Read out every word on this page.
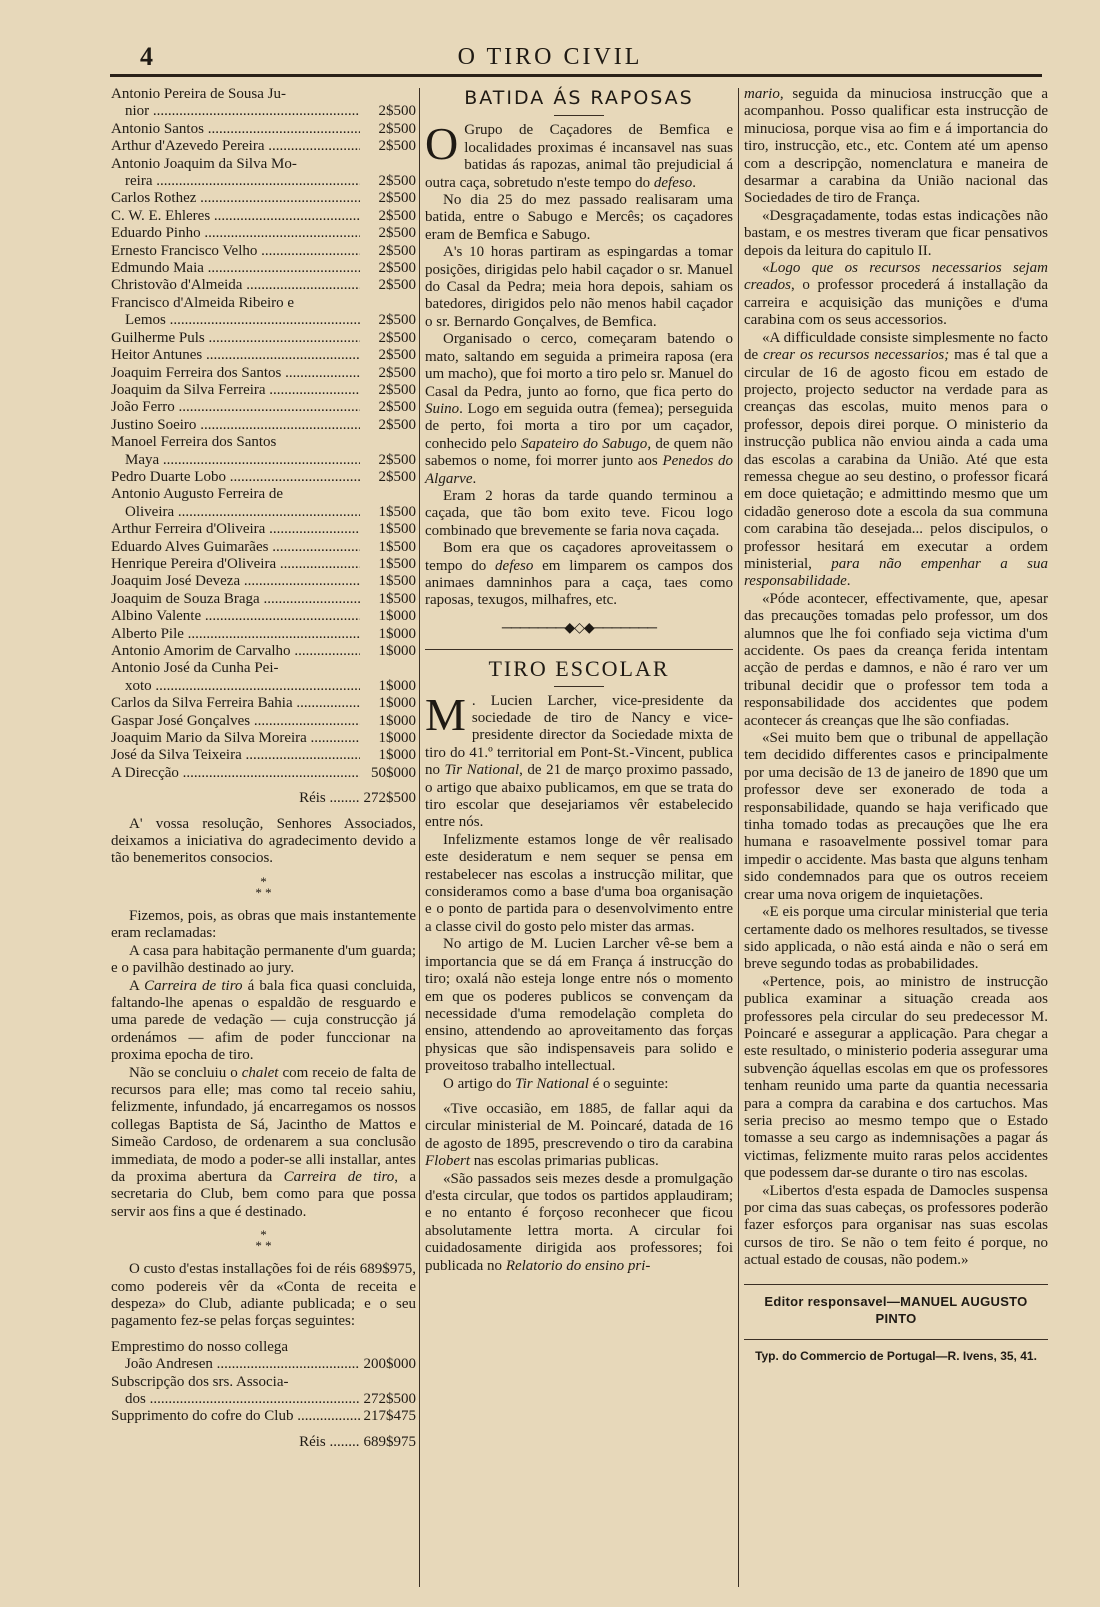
4	O TIRO CIVIL
Antonio Pereira de Sousa Ju-
nior .....	2$500
Antonio Santos .....	2$500
Arthur d'Azevedo Pereira .....	2$500
Antonio Joaquim da Silva Mo-
reira .....	2$500
Carlos Rothez .....	2$500
C. W. E. Ehleres .....	2$500
Eduardo Pinho .....	2$500
Ernesto Francisco Velho .....	2$500
Edmundo Maia .....	2$500
Christovão d'Almeida .....	2$500
Francisco d'Almeida Ribeiro e
Lemos .....	2$500
Guilherme Puls .....	2$500
Heitor Antunes .....	2$500
Joaquim Ferreira dos Santos .....	2$500
Joaquim da Silva Ferreira .....	2$500
João Ferro .....	2$500
Justino Soeiro .....	2$500
Manoel Ferreira dos Santos
Maya .....	2$500
Pedro Duarte Lobo .....	2$500
Antonio Augusto Ferreira de
Oliveira .....	1$500
Arthur Ferreira d'Oliveira .....	1$500
Eduardo Alves Guimarães .....	1$500
Henrique Pereira d'Oliveira .....	1$500
Joaquim José Deveza .....	1$500
Joaquim de Souza Braga .....	1$500
Albino Valente .....	1$000
Alberto Pile .....	1$000
Antonio Amorim de Carvalho .....	1$000
Antonio José da Cunha Pei-
xoto .....	1$000
Carlos da Silva Ferreira Bahia .....	1$000
Gaspar José Gonçalves .....	1$000
Joaquim Mario da Silva Moreira .....	1$000
José da Silva Teixeira .....	1$000
A Direcção .....	50$000
Réis .....	272$500

A' vossa resolução, Senhores Associados, deixamos a iniciativa do agradecimento devido a tão benemeritos consocios.

*
* *

Fizemos, pois, as obras que mais instantemente eram reclamadas:

A casa para habitação permanente d'um guarda; e o pavilhão destinado ao jury.

A Carreira de tiro á bala fica quasi concluida, faltando-lhe apenas o espaldão de resguardo e uma parede de vedação — cuja construcção já ordenámos — afim de poder funccionar na proxima epocha de tiro.

Não se concluiu o chalet com receio de falta de recursos para elle; mas como tal receio sahiu, felizmente, infundado, já encarregamos os nossos collegas Baptista de Sá, Jacintho de Mattos e Simeão Cardoso, de ordenarem a sua conclusão immediata, de modo a poder-se alli installar, antes da proxima abertura da Carreira de tiro, a secretaria do Club, bem como para que possa servir aos fins a que é destinado.

*
* *

O custo d'estas installações foi de réis 689$975, como podereis vêr da «Conta de receita e despeza» do Club, adiante publicada; e o seu pagamento fez-se pelas forças seguintes:

Emprestimo do nosso collega
João Andresen .....	200$000
Subscripção dos srs. Associa-
dos .....	272$500
Supprimento do cofre do Club .....	217$475
Réis .....	689$975
BATIDA ÁS RAPOSAS

O Grupo de Caçadores de Bemfica e localidades proximas é incansavel nas suas batidas ás rapozas, animal tão prejudicial á outra caça, sobretudo n'este tempo do defeso.

No dia 25 do mez passado realisaram uma batida, entre o Sabugo e Mercês; os caçadores eram de Bemfica e Sabugo.

A's 10 horas partiram as espingardas a tomar posições, dirigidas pelo habil caçador o sr. Manuel do Casal da Pedra; meia hora depois, sahiam os batedores, dirigidos pelo não menos habil caçador o sr. Bernardo Gonçalves, de Bemfica.

Organisado o cerco, começaram batendo o mato, saltando em seguida a primeira raposa (era um macho), que foi morto a tiro pelo sr. Manuel do Casal da Pedra, junto ao forno, que fica perto do Suino. Logo em seguida outra (femea); perseguida de perto, foi morta a tiro por um caçador, conhecido pelo Sapateiro do Sabugo, de quem não sabemos o nome, foi morrer junto aos Penedos do Algarve.

Eram 2 horas da tarde quando terminou a caçada, que tão bom exito teve. Ficou logo combinado que brevemente se faria nova caçada.

Bom era que os caçadores aproveitassem o tempo do defeso em limparem os campos dos animaes damninhos para a caça, taes como raposas, texugos, milhafres, etc.

───────◆◇◆───────
TIRO ESCOLAR

M . Lucien Larcher, vice-presidente da sociedade de tiro de Nancy e vice-presidente director da Sociedade mixta de tiro do 41.º territorial em Pont-St.-Vincent, publica no Tir National, de 21 de março proximo passado, o artigo que abaixo publicamos, em que se trata do tiro escolar que desejariamos vêr estabelecido entre nós.

Infelizmente estamos longe de vêr realisado este desideratum e nem sequer se pensa em restabelecer nas escolas a instrucção militar, que consideramos como a base d'uma boa organisação e o ponto de partida para o desenvolvimento entre a classe civil do gosto pelo mister das armas.

No artigo de M. Lucien Larcher vê-se bem a importancia que se dá em França á instrucção do tiro; oxalá não esteja longe entre nós o momento em que os poderes publicos se convençam da necessidade d'uma remodelação completa do ensino, attendendo ao aproveitamento das forças physicas que são indispensaveis para solido e proveitoso trabalho intellectual.

O artigo do Tir National é o seguinte:

«Tive occasião, em 1885, de fallar aqui da circular ministerial de M. Poincaré, datada de 16 de agosto de 1895, prescrevendo o tiro da carabina Flobert nas escolas primarias publicas.

«São passados seis mezes desde a promulgação d'esta circular, que todos os partidos applaudiram; e no entanto é forçoso reconhecer que ficou absolutamente lettra morta. A circular foi cuidadosamente dirigida aos professores; foi publicada no Relatorio do ensino pri-

mario, seguida da minuciosa instrucção que a acompanhou. Posso qualificar esta instrucção de minuciosa, porque visa ao fim e á importancia do tiro, instrucção, etc., etc. Contem até um apenso com a descripção, nomenclatura e maneira de desarmar a carabina da União nacional das Sociedades de tiro de França.

«Desgraçadamente, todas estas indicações não bastam, e os mestres tiveram que ficar pensativos depois da leitura do capitulo II.

«Logo que os recursos necessarios sejam creados, o professor procederá á installação da carreira e acquisição das munições e d'uma carabina com os seus accessorios.

«A difficuldade consiste simplesmente no facto de crear os recursos necessarios; mas é tal que a circular de 16 de agosto ficou em estado de projecto, projecto seductor na verdade para as creanças das escolas, muito menos para o professor, depois direi porque. O ministerio da instrucção publica não enviou ainda a cada uma das escolas a carabina da União. Até que esta remessa chegue ao seu destino, o professor ficará em doce quietação; e admittindo mesmo que um cidadão generoso dote a escola da sua communa com carabina tão desejada... pelos discipulos, o professor hesitará em executar a ordem ministerial, para não empenhar a sua responsabilidade.

«Póde acontecer, effectivamente, que, apesar das precauções tomadas pelo professor, um dos alumnos que lhe foi confiado seja victima d'um accidente. Os paes da creança ferida intentam acção de perdas e damnos, e não é raro ver um tribunal decidir que o professor tem toda a responsabilidade dos accidentes que podem acontecer ás creanças que lhe são confiadas.

«Sei muito bem que o tribunal de appellação tem decidido differentes casos e principalmente por uma decisão de 13 de janeiro de 1890 que um professor deve ser exonerado de toda a responsabilidade, quando se haja verificado que tinha tomado todas as precauções que lhe era humana e rasoavelmente possivel tomar para impedir o accidente. Mas basta que alguns tenham sido condemnados para que os outros receiem crear uma nova origem de inquietações.

«E eis porque uma circular ministerial que teria certamente dado os melhores resultados, se tivesse sido applicada, o não está ainda e não o será em breve segundo todas as probabilidades.

«Pertence, pois, ao ministro de instrucção publica examinar a situação creada aos professores pela circular do seu predecessor M. Poincaré e assegurar a applicação. Para chegar a este resultado, o ministerio poderia assegurar uma subvenção áquellas escolas em que os professores tenham reunido uma parte da quantia necessaria para a compra da carabina e dos cartuchos. Mas seria preciso ao mesmo tempo que o Estado tomasse a seu cargo as indemnisações a pagar ás victimas, felizmente muito raras pelos accidentes que podessem dar-se durante o tiro nas escolas.

«Libertos d'esta espada de Damocles suspensa por cima das suas cabeças, os professores poderão fazer esforços para organisar nas suas escolas cursos de tiro. Se não o tem feito é porque, no actual estado de cousas, não podem.»

Editor responsavel—MANUEL AUGUSTO PINTO
Typ. do Commercio de Portugal—R. Ivens, 35, 41.
